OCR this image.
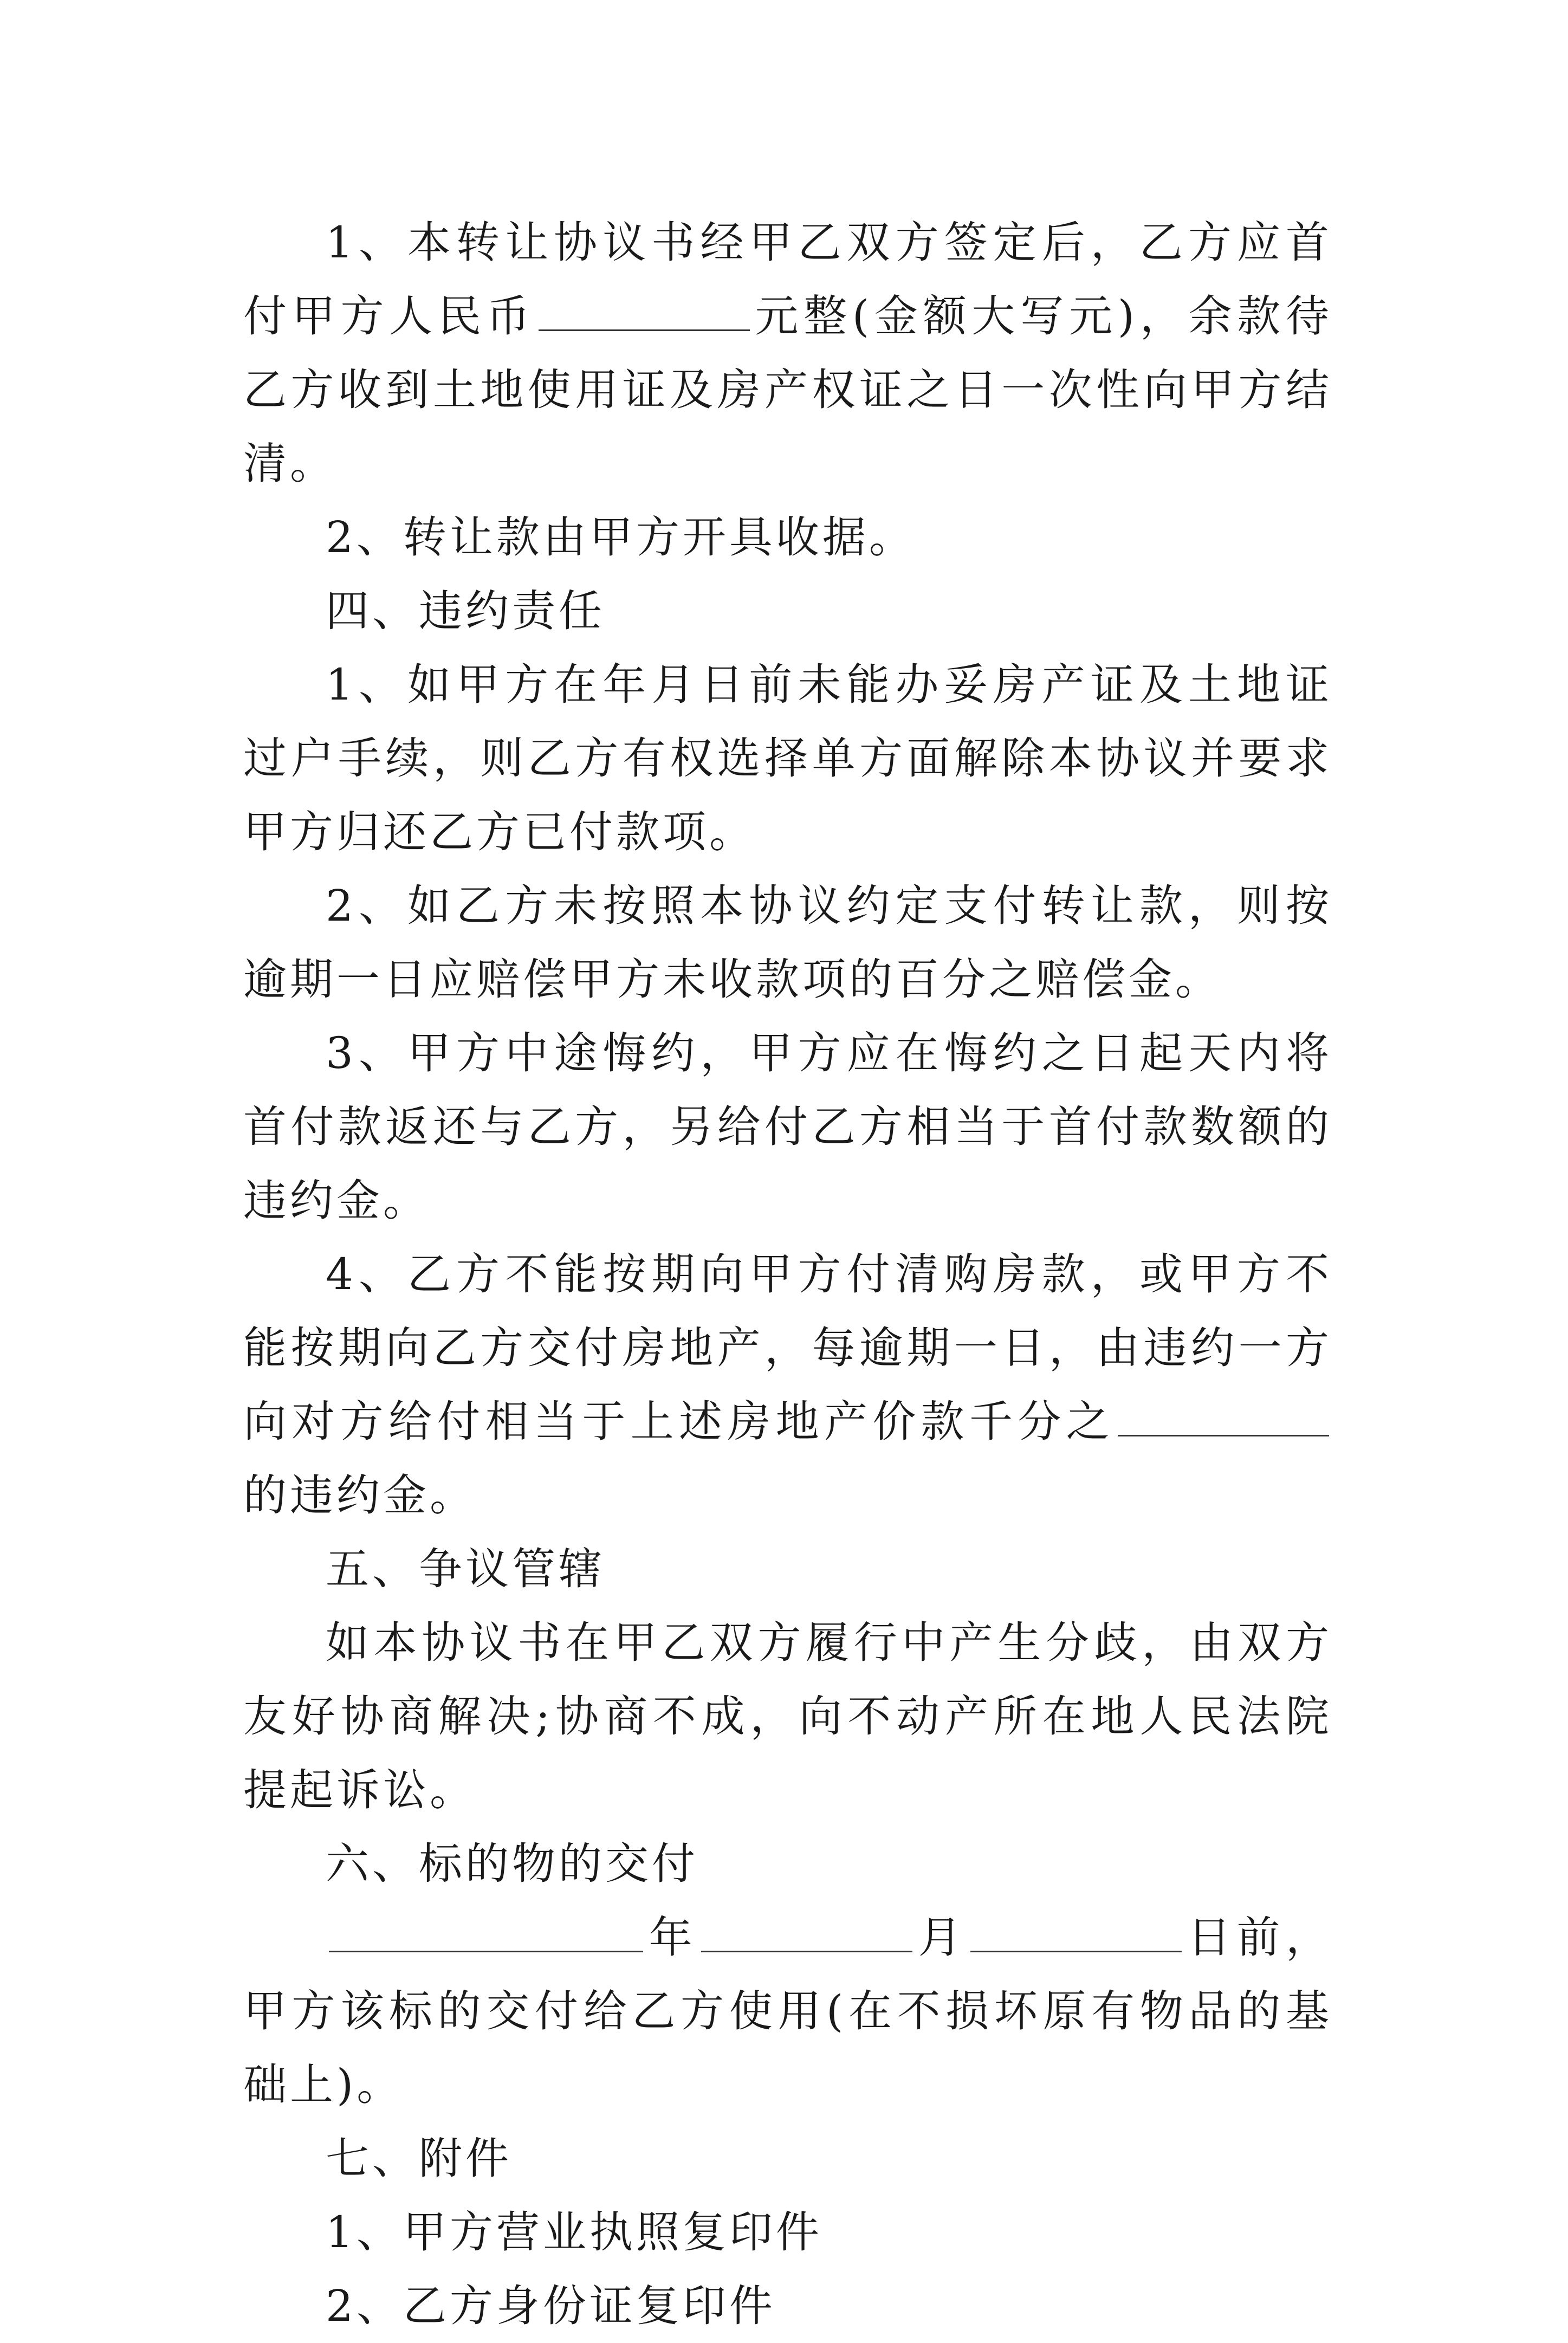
1、本转让协议书经甲乙双方签定后，乙方应首付甲方人民币	元整(金额大写元)，余款待乙方收到土地使用证及房产权证之日一次性向甲方结清。

2、转让款由甲方开具收据。

四、违约责任

1、如甲方在年月日前未能办妥房产证及土地证过户手续，则乙方有权选择单方面解除本协议并要求甲方归还乙方已付款项。

2、如乙方未按照本协议约定支付转让款，则按逾期一日应赔偿甲方未收款项的百分之赔偿金。

3、甲方中途悔约，甲方应在悔约之日起天内将首付款返还与乙方，另给付乙方相当于首付款数额的违约金。

4、乙方不能按期向甲方付清购房款，或甲方不能按期向乙方交付房地产，每逾期一日，由违约一方向对方给付相当于上述房地产价款千分之的违约金。

五、争议管辖

如本协议书在甲乙双方履行中产生分歧，由双方友好协商解决;协商不成，向不动产所在地人民法院提起诉讼。

六、标的物的交付

年	月	日前，甲方该标的交付给乙方使用(在不损坏原有物品的基础上)。

七、附件

1、甲方营业执照复印件

2、乙方身份证复印件
